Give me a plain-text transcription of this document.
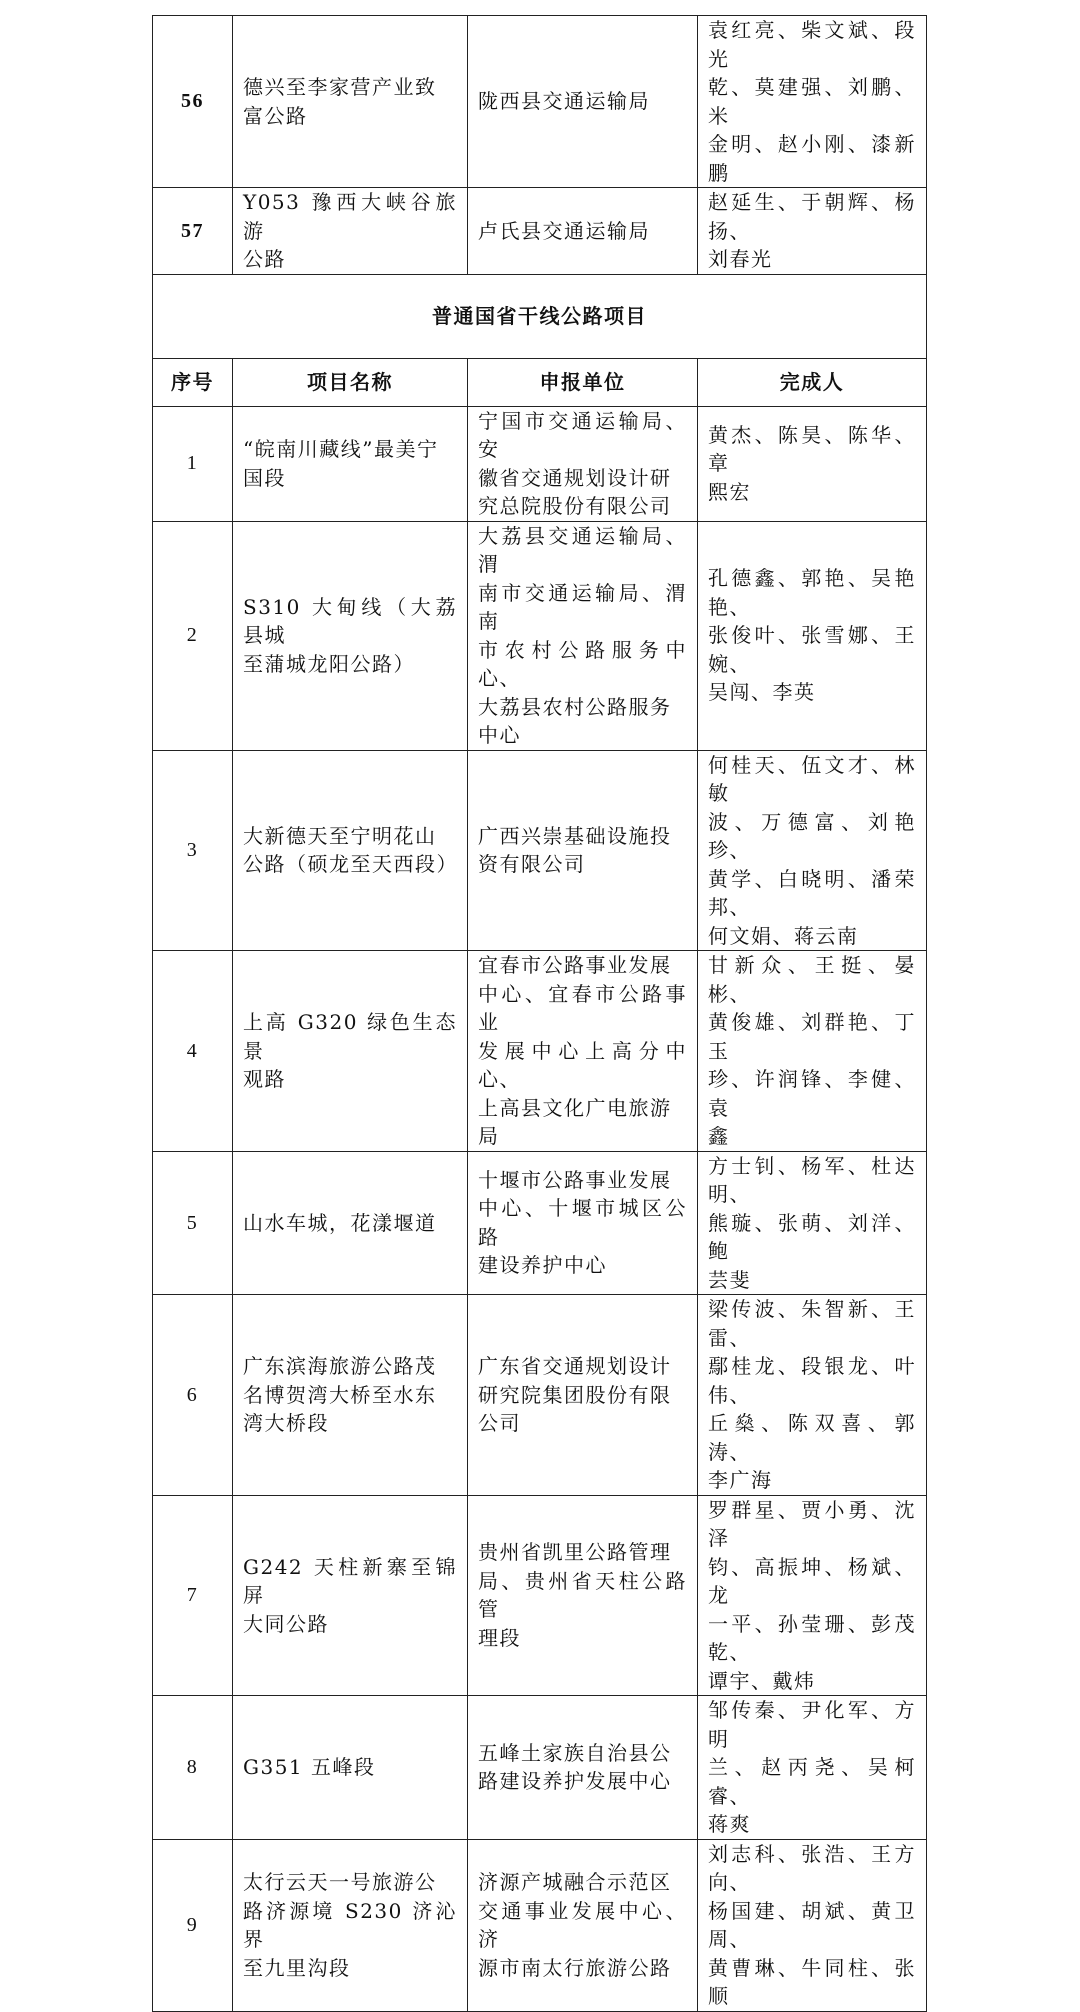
56	德兴至李家营产业致
富公路	陇西县交通运输局	袁红亮、柴文斌、段光
乾、莫建强、刘鹏、米
金明、赵小刚、漆新鹏
57	Y053 豫西大峡谷旅游
公路	卢氏县交通运输局	赵延生、于朝辉、杨扬、
刘春光
普通国省干线公路项目			
序号	项目名称	申报单位	完成人
1	“皖南川藏线”最美宁
国段	宁国市交通运输局、安
徽省交通规划设计研
究总院股份有限公司	黄杰、陈昊、陈华、章
熙宏
2	S310 大甸线（大荔县城
至蒲城龙阳公路）	大荔县交通运输局、渭
南市交通运输局、渭南
市农村公路服务中心、
大荔县农村公路服务
中心	孔德鑫、郭艳、吴艳艳、
张俊叶、张雪娜、王婉、
吴闯、李英
3	大新德天至宁明花山
公路（硕龙至天西段）	广西兴崇基础设施投
资有限公司	何桂天、伍文才、林敏
波、万德富、刘艳珍、
黄学、白晓明、潘荣邦、
何文娟、蒋云南
4	上高 G320 绿色生态景
观路	宜春市公路事业发展
中心、宜春市公路事业
发展中心上高分中心、
上高县文化广电旅游
局	甘新众、王挺、晏彬、
黄俊雄、刘群艳、丁玉
珍、许润锋、李健、袁
鑫
5	山水车城，花漾堰道	十堰市公路事业发展
中心、十堰市城区公路
建设养护中心	方士钊、杨军、杜达明、
熊璇、张萌、刘洋、鲍
芸斐
6	广东滨海旅游公路茂
名博贺湾大桥至水东
湾大桥段	广东省交通规划设计
研究院集团股份有限
公司	梁传波、朱智新、王雷、
鄢桂龙、段银龙、叶伟、
丘燊、陈双喜、郭涛、
李广海
7	G242 天柱新寨至锦屏
大同公路	贵州省凯里公路管理
局、贵州省天柱公路管
理段	罗群星、贾小勇、沈泽
钧、高振坤、杨斌、龙
一平、孙莹珊、彭茂乾、
谭宇、戴炜
8	G351 五峰段	五峰土家族自治县公
路建设养护发展中心	邹传秦、尹化军、方明
兰、赵丙尧、吴柯睿、
蒋爽
9	太行云天一号旅游公
路济源境 S230 济沁界
至九里沟段	济源产城融合示范区
交通事业发展中心、济
源市南太行旅游公路	刘志科、张浩、王方向、
杨国建、胡斌、黄卫周、
黄曹琳、牛同柱、张顺
